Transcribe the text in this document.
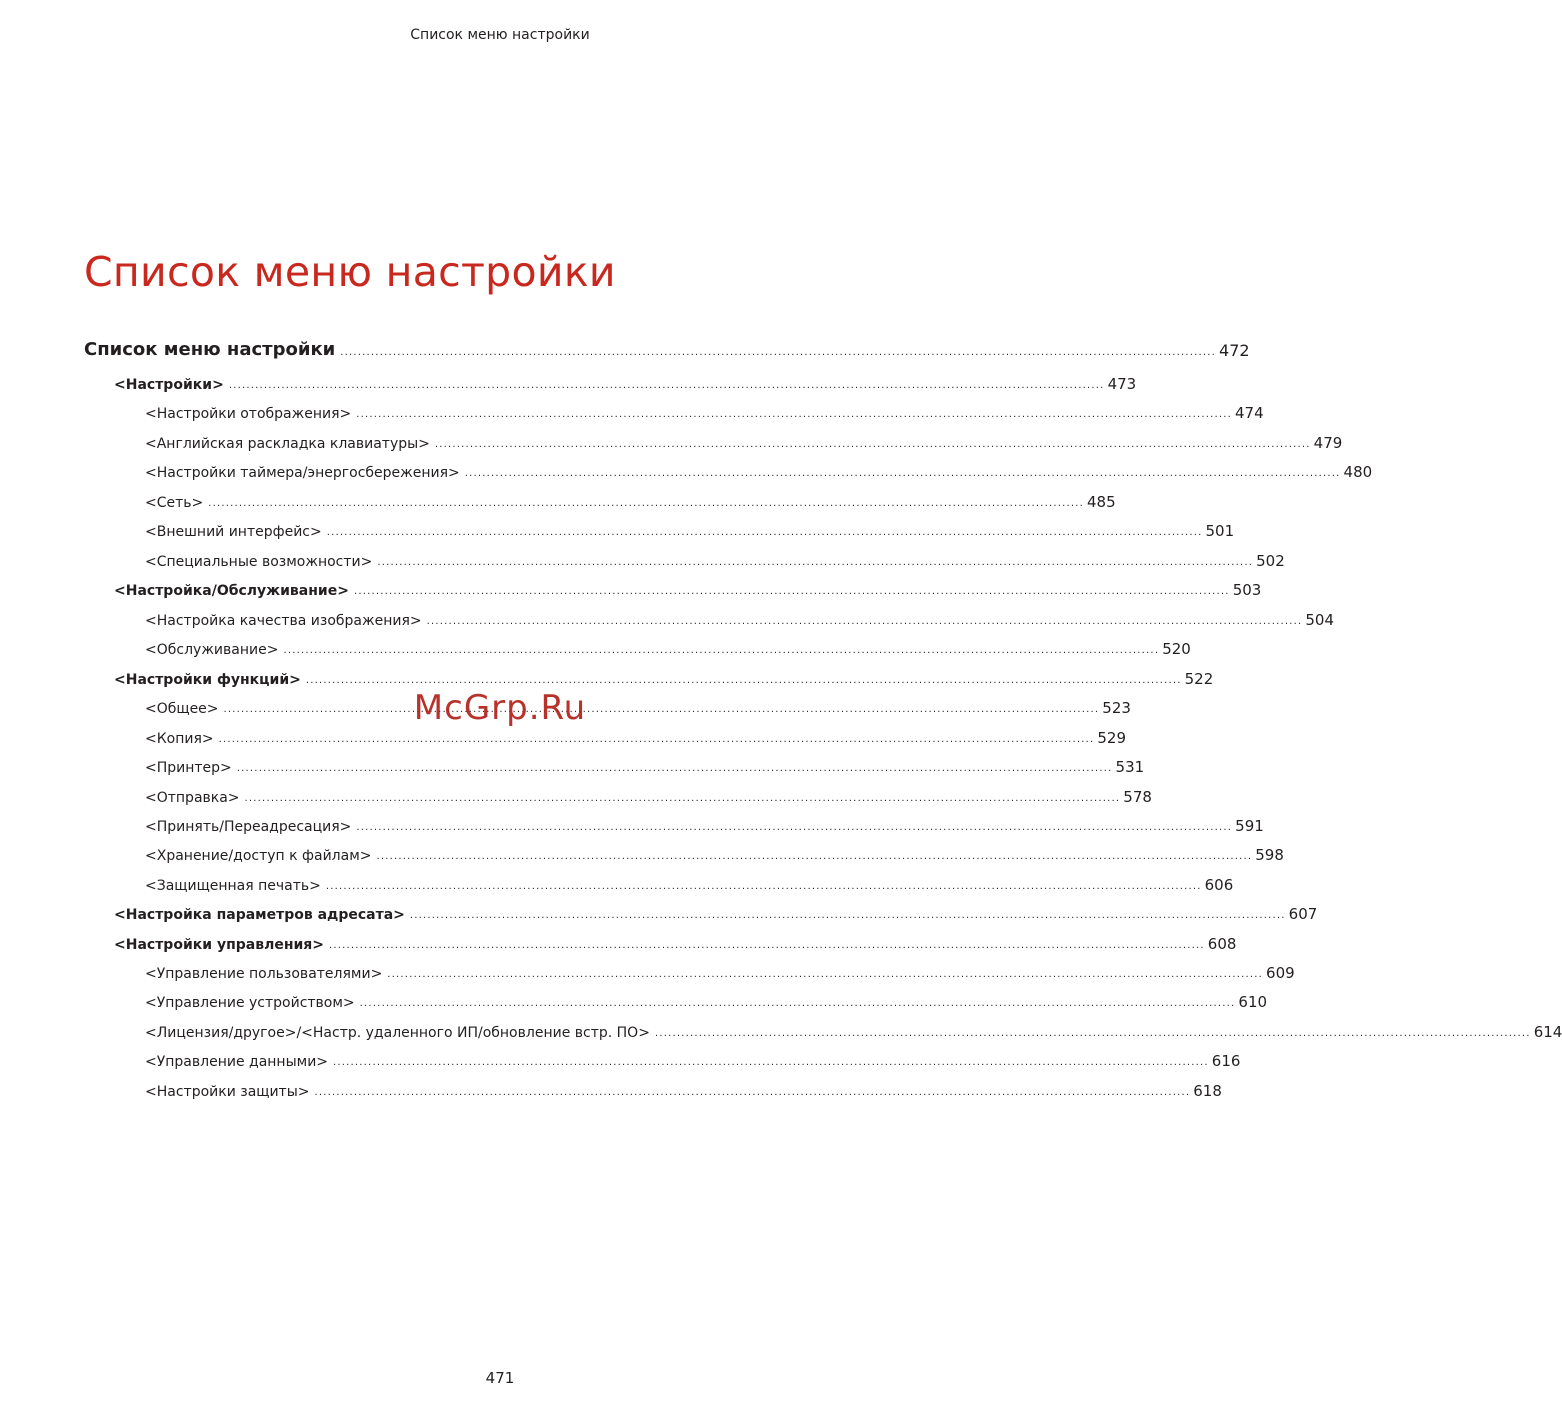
Список меню настройки
Список меню настройки
Список меню настройки ........................................................................................................................................................................................................ 472
<Настройки> ........................................................................................................................................................................................................ 473
<Настройки отображения> ........................................................................................................................................................................................................ 474
<Английская раскладка клавиатуры> ........................................................................................................................................................................................................ 479
<Настройки таймера/энергосбережения> ........................................................................................................................................................................................................ 480
<Сеть> ........................................................................................................................................................................................................ 485
<Внешний интерфейс> ........................................................................................................................................................................................................ 501
<Специальные возможности> ........................................................................................................................................................................................................ 502
<Настройка/Обслуживание> ........................................................................................................................................................................................................ 503
<Настройка качества изображения> ........................................................................................................................................................................................................ 504
<Обслуживание> ........................................................................................................................................................................................................ 520
<Настройки функций> ........................................................................................................................................................................................................ 522
<Общее> ........................................................................................................................................................................................................ 523
<Копия> ........................................................................................................................................................................................................ 529
<Принтер> ........................................................................................................................................................................................................ 531
<Отправка> ........................................................................................................................................................................................................ 578
<Принять/Переадресация> ........................................................................................................................................................................................................ 591
<Хранение/доступ к файлам> ........................................................................................................................................................................................................ 598
<Защищенная печать> ........................................................................................................................................................................................................ 606
<Настройка параметров адресата> ........................................................................................................................................................................................................ 607
<Настройки управления> ........................................................................................................................................................................................................ 608
<Управление пользователями> ........................................................................................................................................................................................................ 609
<Управление устройством> ........................................................................................................................................................................................................ 610
<Лицензия/другое>/<Настр. удаленного ИП/обновление встр. ПО> ........................................................................................................................................................................................................ 614
<Управление данными> ........................................................................................................................................................................................................ 616
<Настройки защиты> ........................................................................................................................................................................................................ 618
McGrp.Ru
471
